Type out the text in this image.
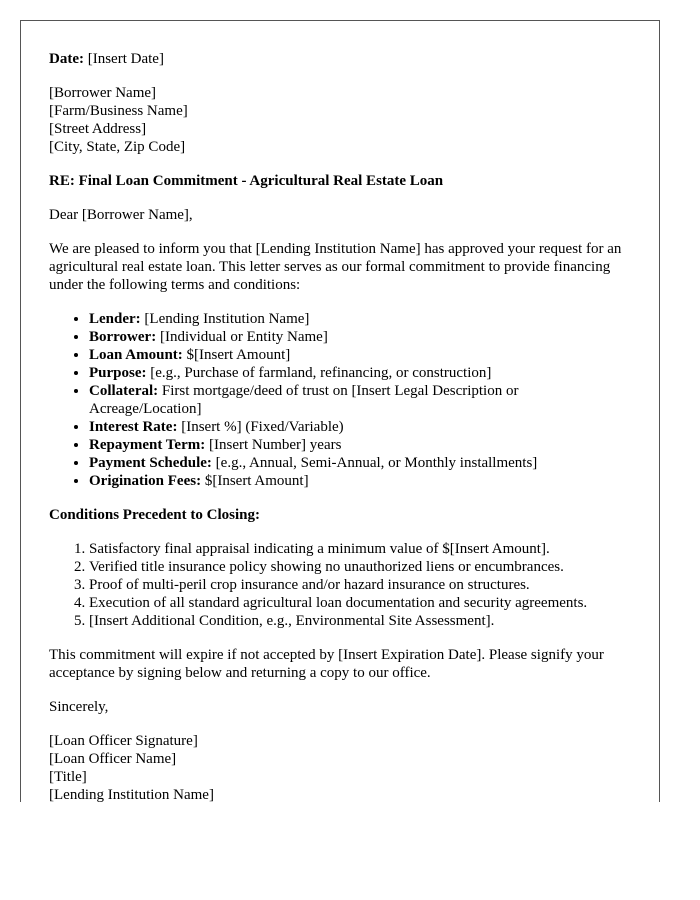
Date: [Insert Date]

[Borrower Name]
[Farm/Business Name]
[Street Address]
[City, State, Zip Code]

RE: Final Loan Commitment - Agricultural Real Estate Loan

Dear [Borrower Name],

We are pleased to inform you that [Lending Institution Name] has approved your request for an agricultural real estate loan. This letter serves as our formal commitment to provide financing under the following terms and conditions:

• Lender: [Lending Institution Name]
• Borrower: [Individual or Entity Name]
• Loan Amount: $[Insert Amount]
• Purpose: [e.g., Purchase of farmland, refinancing, or construction]
• Collateral: First mortgage/deed of trust on [Insert Legal Description or Acreage/Location]
• Interest Rate: [Insert %] (Fixed/Variable)
• Repayment Term: [Insert Number] years
• Payment Schedule: [e.g., Annual, Semi-Annual, or Monthly installments]
• Origination Fees: $[Insert Amount]

Conditions Precedent to Closing:

1. Satisfactory final appraisal indicating a minimum value of $[Insert Amount].
2. Verified title insurance policy showing no unauthorized liens or encumbrances.
3. Proof of multi-peril crop insurance and/or hazard insurance on structures.
4. Execution of all standard agricultural loan documentation and security agreements.
5. [Insert Additional Condition, e.g., Environmental Site Assessment].

This commitment will expire if not accepted by [Insert Expiration Date]. Please signify your acceptance by signing below and returning a copy to our office.

Sincerely,

[Loan Officer Signature]
[Loan Officer Name]
[Title]
[Lending Institution Name]
